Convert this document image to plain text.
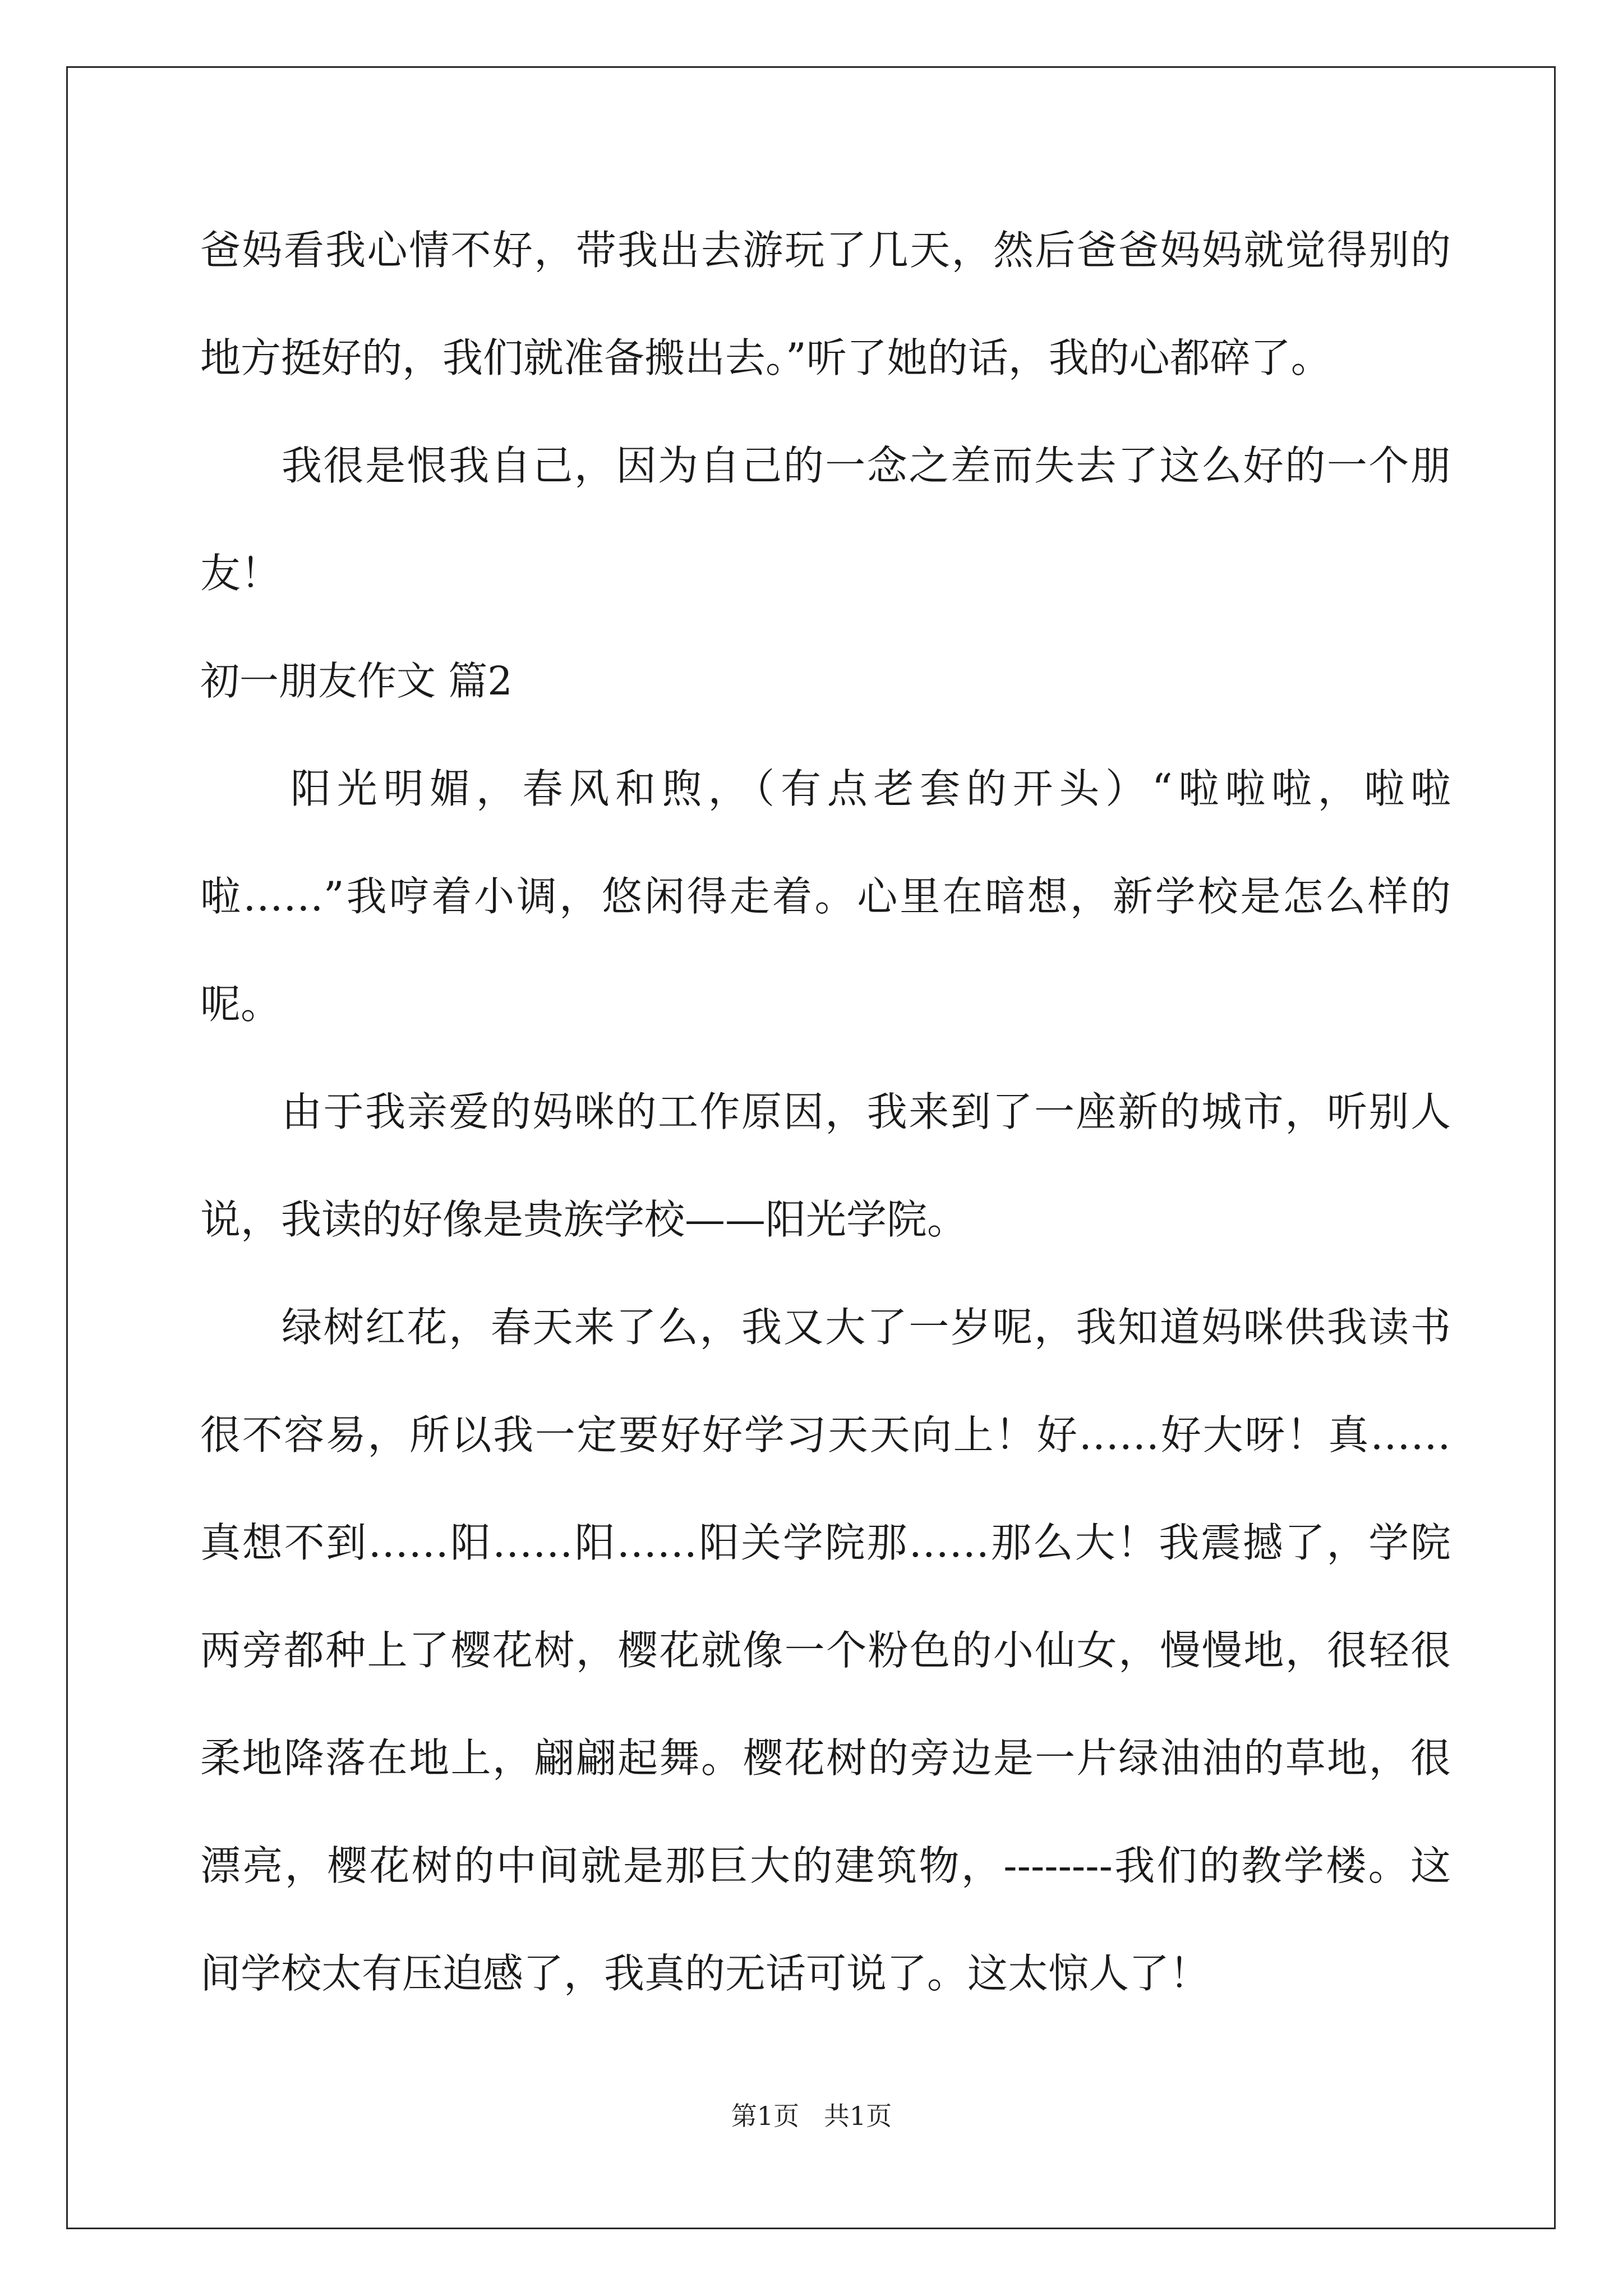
爸妈看我心情不好，带我出去游玩了几天，然后爸爸妈妈就觉得别的

地方挺好的，我们就准备搬出去。”听了她的话，我的心都碎了。

我很是恨我自己，因为自己的一念之差而失去了这么好的一个朋

友！

初一朋友作文 篇2

阳光明媚，春风和煦，（有点老套的开头）“啦啦啦，啦啦

啦……”我哼着小调，悠闲得走着。心里在暗想，新学校是怎么样的

呢。

由于我亲爱的妈咪的工作原因，我来到了一座新的城市，听别人

说，我读的好像是贵族学校——阳光学院。

绿树红花，春天来了么，我又大了一岁呢，我知道妈咪供我读书

很不容易，所以我一定要好好学习天天向上！好……好大呀！真……

真想不到……阳……阳……阳关学院那……那么大！我震撼了，学院

两旁都种上了樱花树，樱花就像一个粉色的小仙女，慢慢地，很轻很

柔地降落在地上，翩翩起舞。樱花树的旁边是一片绿油油的草地，很

漂亮，樱花树的中间就是那巨大的建筑物，--------我们的教学楼。这

间学校太有压迫感了，我真的无话可说了。这太惊人了！

第1页   共1页
